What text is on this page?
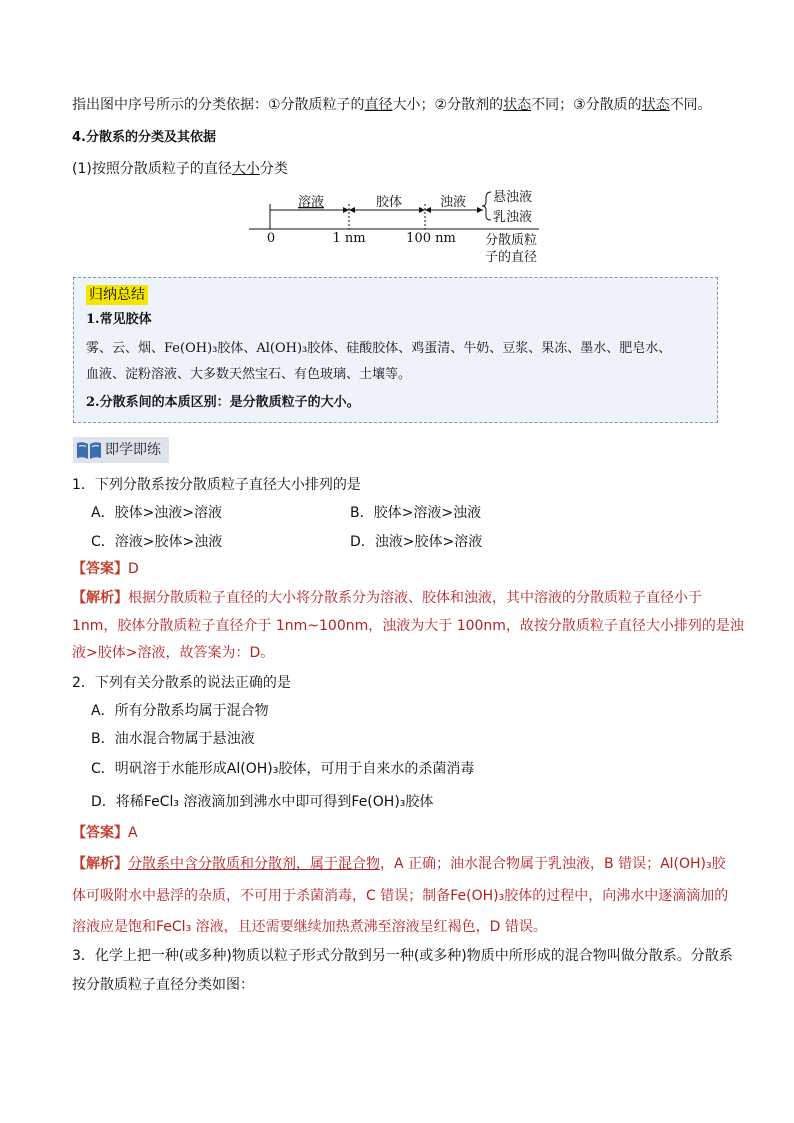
指出图中序号所示的分类依据：①分散质粒子的直径大小；②分散剂的状态不同；③分散质的状态不同。
4.分散系的分类及其依据
(1)按照分散质粒子的直径大小分类
溶液	胶体	浊液 悬浊液
乳浊液
0	1 nm	100 nm 分散质粒
子的直径
归纳总结
1.常见胶体
雾、云、烟、Fe(OH)₃胶体、Al(OH)₃胶体、硅酸胶体、鸡蛋清、牛奶、豆浆、果冻、墨水、肥皂水、
血液、淀粉溶液、大多数天然宝石、有色玻璃、土壤等。
2.分散系间的本质区别：是分散质粒子的大小。
即学即练
1．下列分散系按分散质粒子直径大小排列的是
A．胶体>浊液>溶液	B．胶体>溶液>浊液
C．溶液>胶体>浊液	D．浊液>胶体>溶液
【答案】D
【解析】根据分散质粒子直径的大小将分散系分为溶液、胶体和浊液，其中溶液的分散质粒子直径小于
1nm，胶体分散质粒子直径介于 1nm~100nm，浊液为大于 100nm，故按分散质粒子直径大小排列的是浊
液>胶体>溶液，故答案为：D。
2．下列有关分散系的说法正确的是
A．所有分散系均属于混合物
B．油水混合物属于悬浊液
C．明矾溶于水能形成Al(OH)₃胶体，可用于自来水的杀菌消毒
D．将稀FeCl₃ 溶液滴加到沸水中即可得到Fe(OH)₃胶体
【答案】A
【解析】分散系中含分散质和分散剂，属于混合物，A 正确；油水混合物属于乳浊液，B 错误；Al(OH)₃胶
体可吸附水中悬浮的杂质，不可用于杀菌消毒，C 错误；制备Fe(OH)₃胶体的过程中，向沸水中逐滴滴加的
溶液应是饱和FeCl₃ 溶液，且还需要继续加热煮沸至溶液呈红褐色，D 错误。
3．化学上把一种(或多种)物质以粒子形式分散到另一种(或多种)物质中所形成的混合物叫做分散系。分散系
按分散质粒子直径分类如图：
